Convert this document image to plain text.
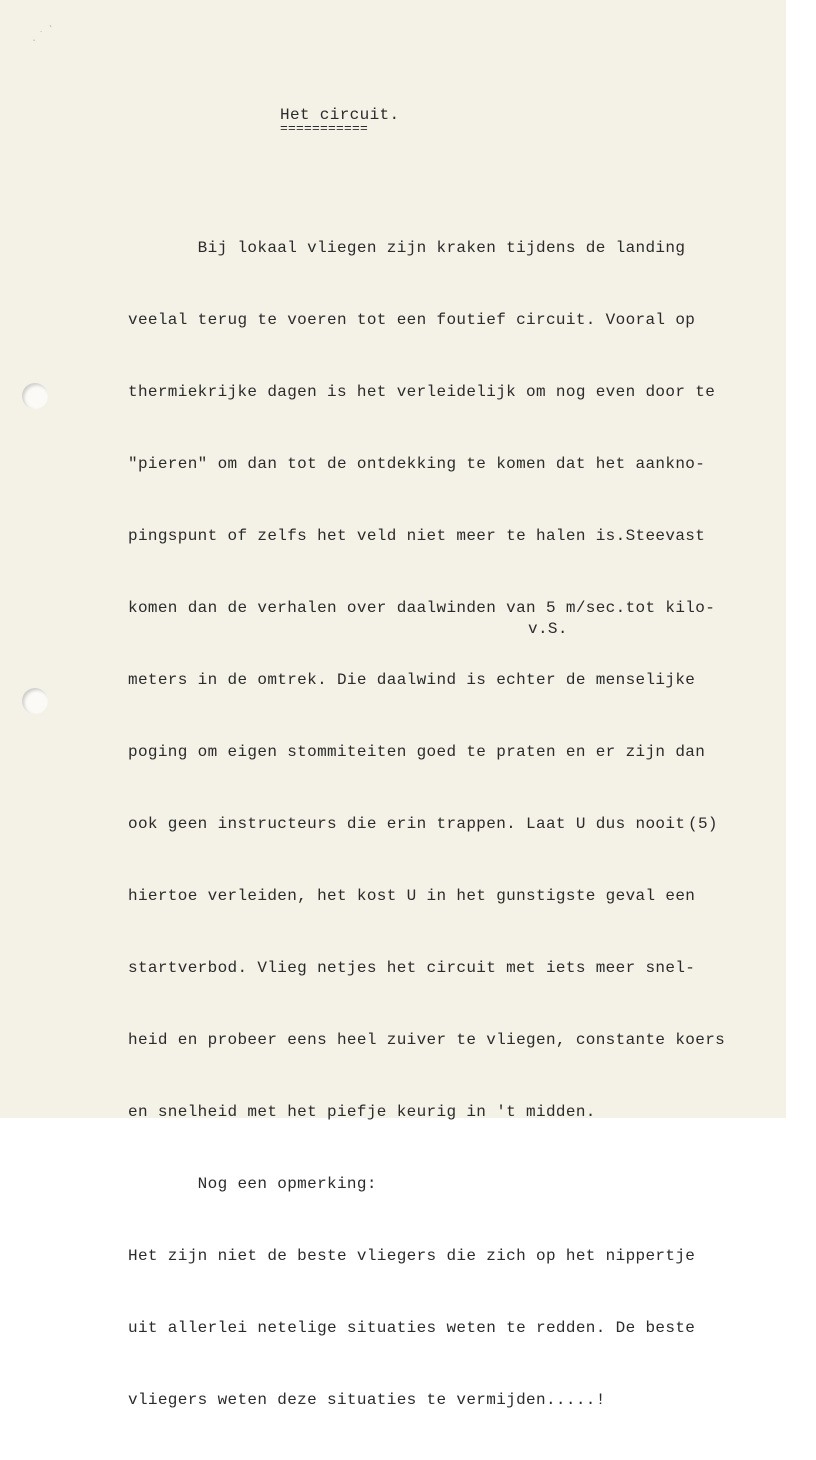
· ˙ '
Het circuit.
===========

Bij lokaal vliegen zijn kraken tijdens de landing

veelal terug te voeren tot een foutief circuit. Vooral op

thermiekrijke dagen is het verleidelijk om nog even door te

"pieren" om dan tot de ontdekking te komen dat het aankno-

pingspunt of zelfs het veld niet meer te halen is.Steevast

komen dan de verhalen over daalwinden van 5 m/sec.tot kilo-

meters in de omtrek. Die daalwind is echter de menselijke

poging om eigen stommiteiten goed te praten en er zijn dan

ook geen instructeurs die erin trappen. Laat U dus nooit

hiertoe verleiden, het kost U in het gunstigste geval een

startverbod. Vlieg netjes het circuit met iets meer snel-

heid en probeer eens heel zuiver te vliegen, constante koers

en snelheid met het piefje keurig in 't midden.

Nog een opmerking:

Het zijn niet de beste vliegers die zich op het nippertje

uit allerlei netelige situaties weten te redden. De beste

vliegers weten deze situaties te vermijden.....!

v.S.
(5)
